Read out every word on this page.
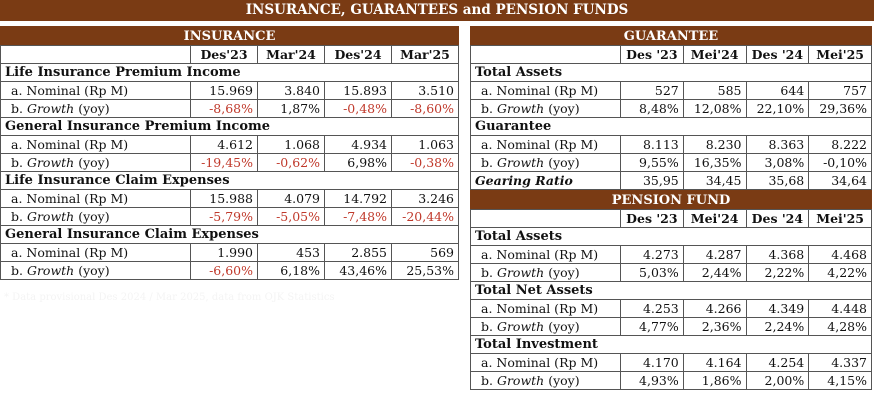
INSURANCE, GUARANTEES and PENSION FUNDS
INSURANCE
	Des'23	Mar'24	Des'24	Mar'25
Life Insurance Premium Income				
a. Nominal (Rp M)	15.969	3.840	15.893	3.510
b. Growth (yoy)	-8,68%	1,87%	-0,48%	-8,60%
General Insurance Premium Income				
a. Nominal (Rp M)	4.612	1.068	4.934	1.063
b. Growth (yoy)	-19,45%	-0,62%	6,98%	-0,38%
Life Insurance Claim Expenses				
a. Nominal (Rp M)	15.988	4.079	14.792	3.246
b. Growth (yoy)	-5,79%	-5,05%	-7,48%	-20,44%
General Insurance Claim Expenses				
a. Nominal (Rp M)	1.990	453	2.855	569
b. Growth (yoy)	-6,60%	6,18%	43,46%	25,53%
* Data provisional Des 2024 / Mar 2025, data from OJK Statistics
GUARANTEE
	Des '23	Mei'24	Des '24	Mei'25
Total Assets				
a. Nominal (Rp M)	527	585	644	757
b. Growth (yoy)	8,48%	12,08%	22,10%	29,36%
Guarantee				
a. Nominal (Rp M)	8.113	8.230	8.363	8.222
b. Growth (yoy)	9,55%	16,35%	3,08%	-0,10%
Gearing Ratio	35,95	34,45	35,68	34,64
PENSION FUND
	Des '23	Mei'24	Des '24	Mei'25
Total Assets				
a. Nominal (Rp M)	4.273	4.287	4.368	4.468
b. Growth (yoy)	5,03%	2,44%	2,22%	4,22%
Total Net Assets				
a. Nominal (Rp M)	4.253	4.266	4.349	4.448
b. Growth (yoy)	4,77%	2,36%	2,24%	4,28%
Total Investment				
a. Nominal (Rp M)	4.170	4.164	4.254	4.337
b. Growth (yoy)	4,93%	1,86%	2,00%	4,15%
